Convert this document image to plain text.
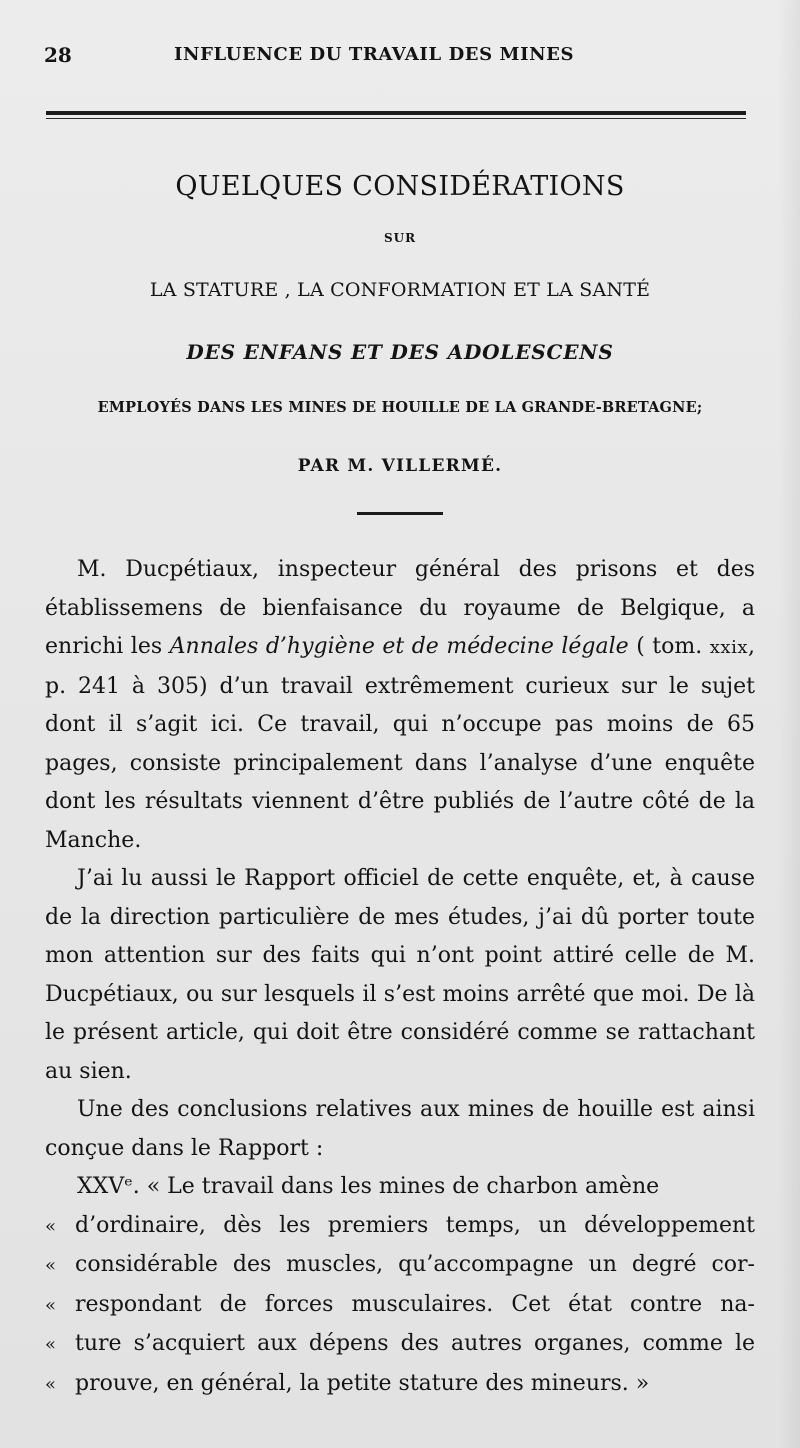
28	INFLUENCE DU TRAVAIL DES MINES
QUELQUES CONSIDÉRATIONS
SUR
LA STATURE , LA CONFORMATION ET LA SANTÉ
DES ENFANS ET DES ADOLESCENS
EMPLOYÉS DANS LES MINES DE HOUILLE DE LA GRANDE-BRETAGNE;
PAR M. VILLERMÉ.

M. Ducpétiaux, inspecteur général des prisons et des établissemens de bienfaisance du royaume de Belgique, a enrichi les Annales d’hygiène et de médecine légale ( tom. xxix, p. 241 à 305) d’un travail extrêmement curieux sur le sujet dont il s’agit ici. Ce travail, qui n’occupe pas moins de 65 pages, consiste principalement dans l’analyse d’une enquête dont les résultats viennent d’être publiés de l’autre côté de la Manche.

J’ai lu aussi le Rapport officiel de cette enquête, et, à cause de la direction particulière de mes études, j’ai dû porter toute mon attention sur des faits qui n’ont point attiré celle de M. Ducpétiaux, ou sur lesquels il s’est moins arrêté que moi. De là le présent article, qui doit être considéré comme se rattachant au sien.

Une des conclusions relatives aux mines de houille est ainsi conçue dans le Rapport :

XXVᵉ. « Le travail dans les mines de charbon amène

« d’ordinaire, dès les premiers temps, un développement

« considérable des muscles, qu’accompagne un degré cor-

« respondant de forces musculaires. Cet état contre na-

« ture s’acquiert aux dépens des autres organes, comme le

« prouve, en général, la petite stature des mineurs. »
